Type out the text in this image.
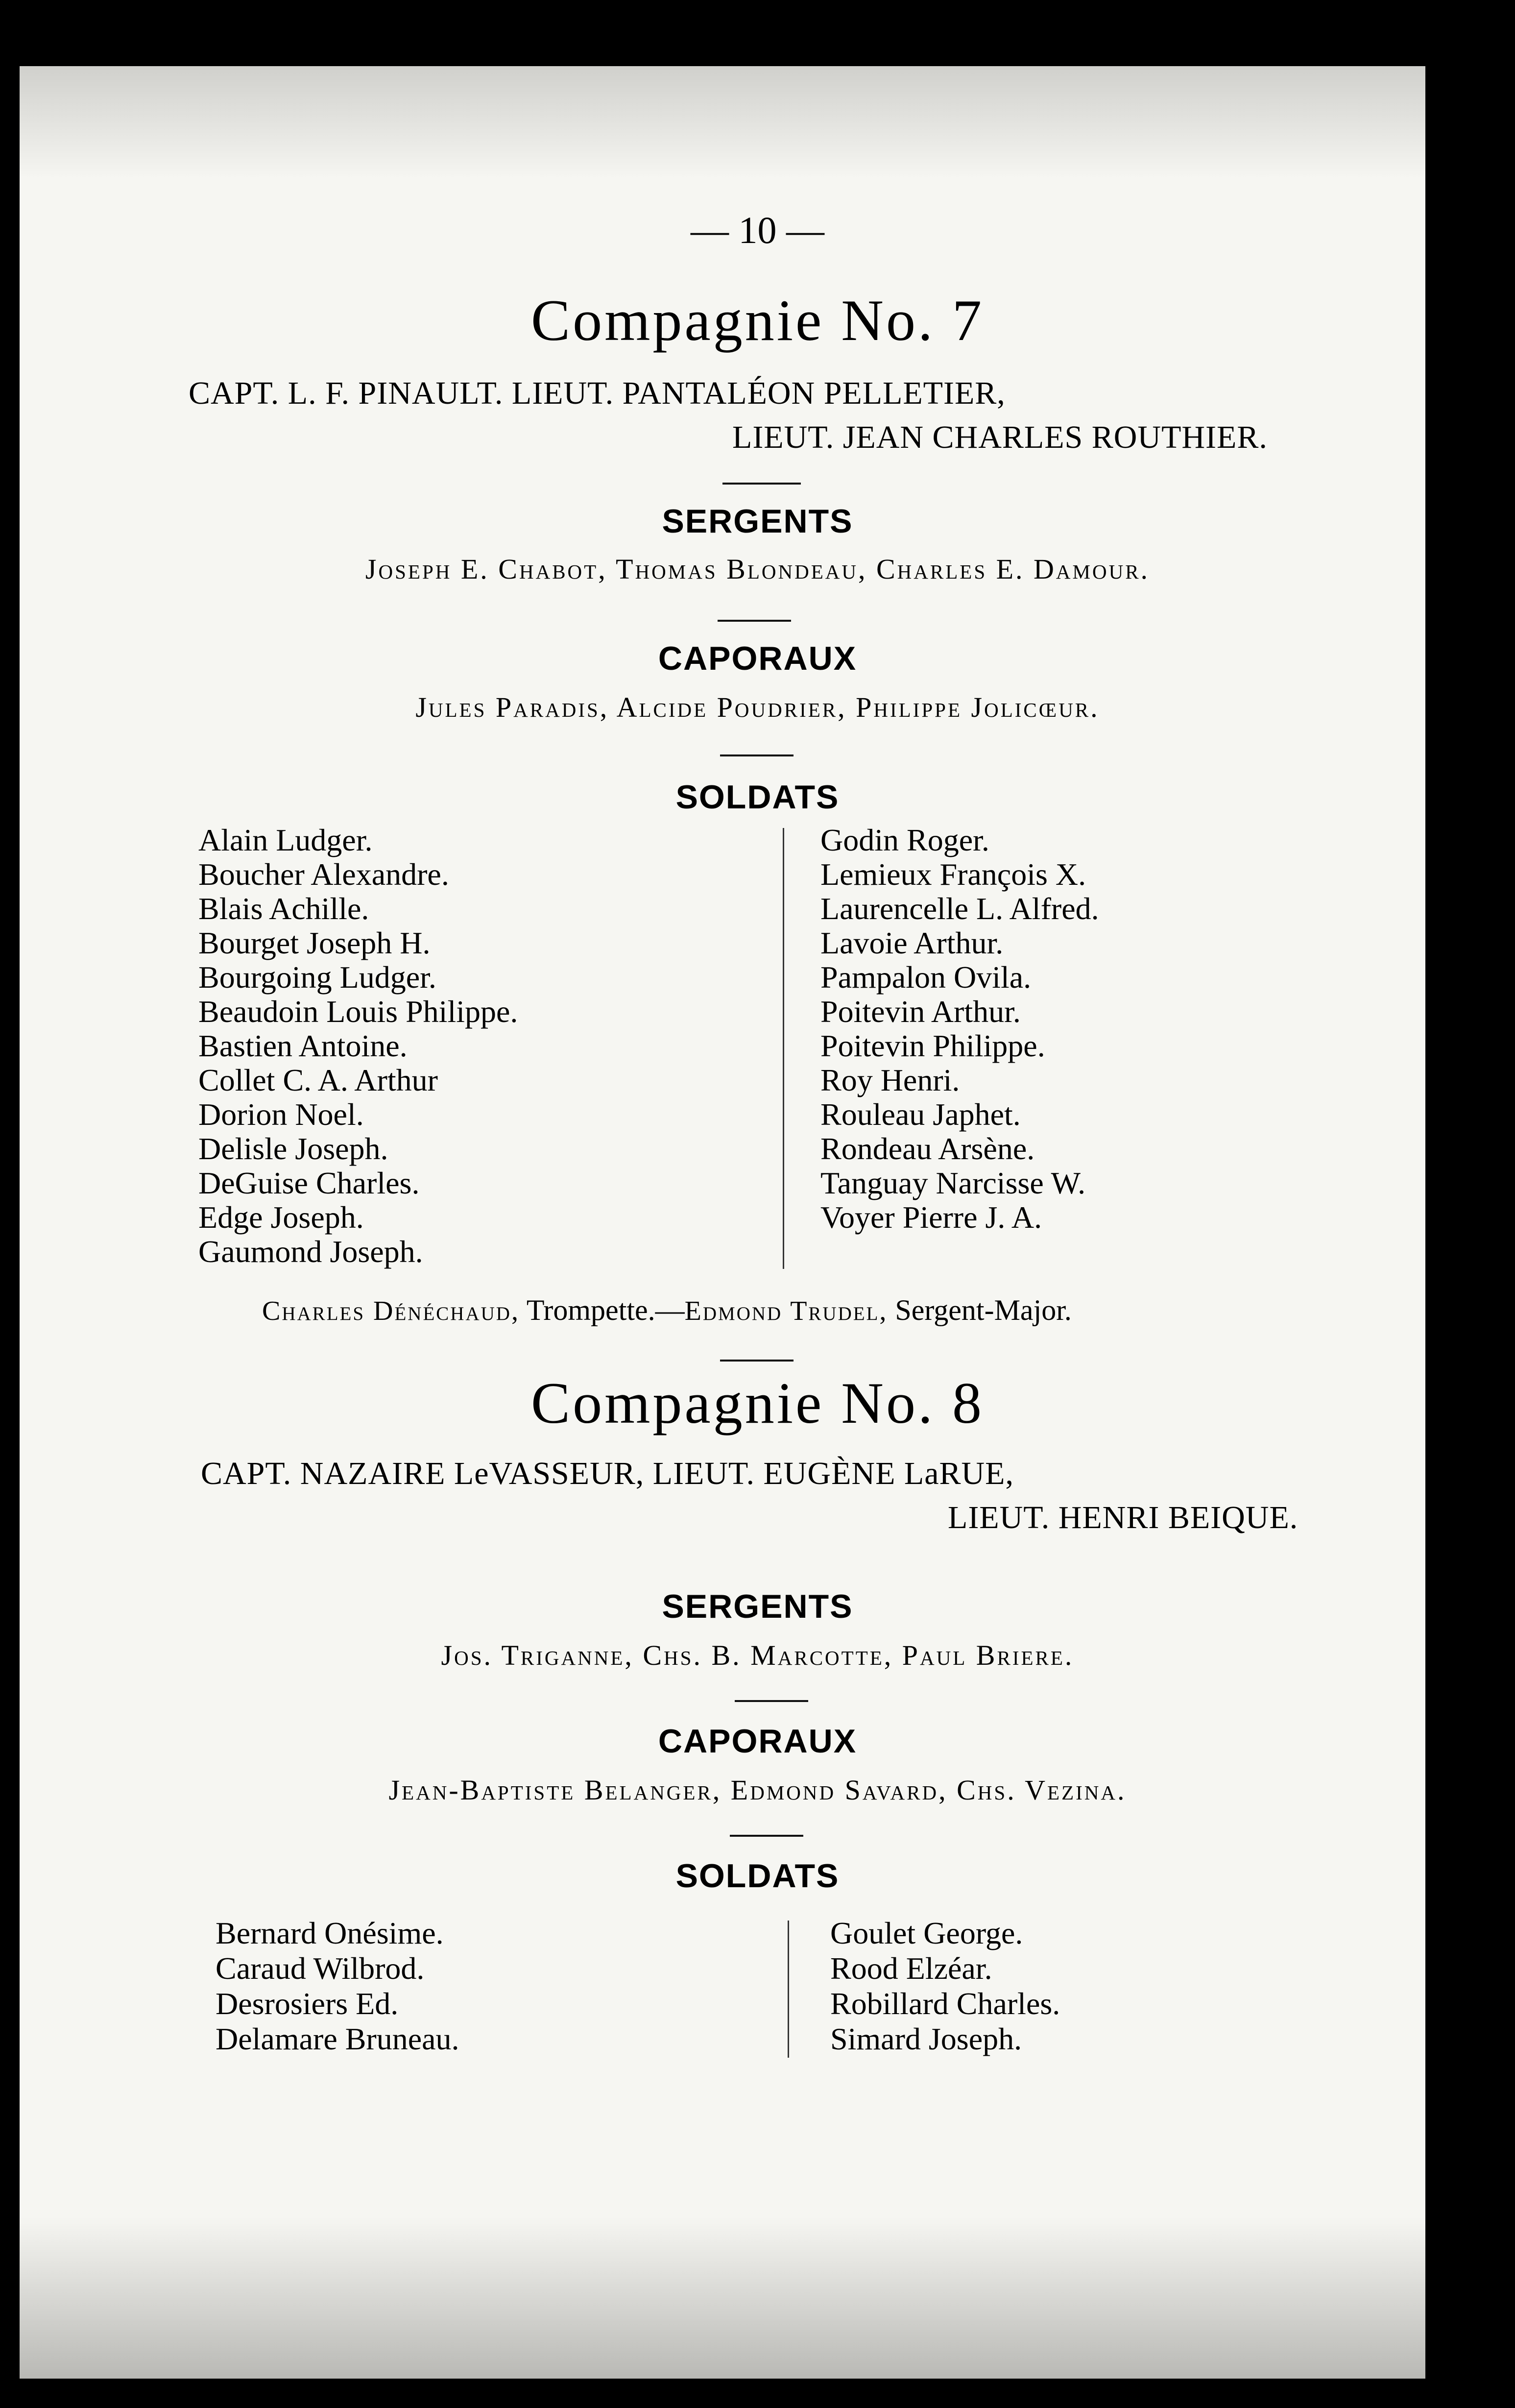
— 10 —
Compagnie No. 7
CAPT. L. F. PINAULT. LIEUT. PANTALÉON PELLETIER,
LIEUT. JEAN CHARLES ROUTHIER.
SERGENTS
Joseph E. Chabot, Thomas Blondeau, Charles E. Damour.
CAPORAUX
Jules Paradis, Alcide Poudrier, Philippe Jolicœur.
SOLDATS
Alain Ludger.
Boucher Alexandre.
Blais Achille.
Bourget Joseph H.
Bourgoing Ludger.
Beaudoin Louis Philippe.
Bastien Antoine.
Collet C. A. Arthur
Dorion Noel.
Delisle Joseph.
DeGuise Charles.
Edge Joseph.
Gaumond Joseph.
Godin Roger.
Lemieux François X.
Laurencelle L. Alfred.
Lavoie Arthur.
Pampalon Ovila.
Poitevin Arthur.
Poitevin Philippe.
Roy Henri.
Rouleau Japhet.
Rondeau Arsène.
Tanguay Narcisse W.
Voyer Pierre J. A.
Charles Dénéchaud, Trompette.—Edmond Trudel, Sergent-Major.
Compagnie No. 8
CAPT. NAZAIRE LeVASSEUR, LIEUT. EUGÈNE LaRUE,
LIEUT. HENRI BEIQUE.
SERGENTS
Jos. Triganne, Chs. B. Marcotte, Paul Briere.
CAPORAUX
Jean-Baptiste Belanger, Edmond Savard, Chs. Vezina.
SOLDATS
Bernard Onésime.
Caraud Wilbrod.
Desrosiers Ed.
Delamare Bruneau.
Goulet George.
Rood Elzéar.
Robillard Charles.
Simard Joseph.
